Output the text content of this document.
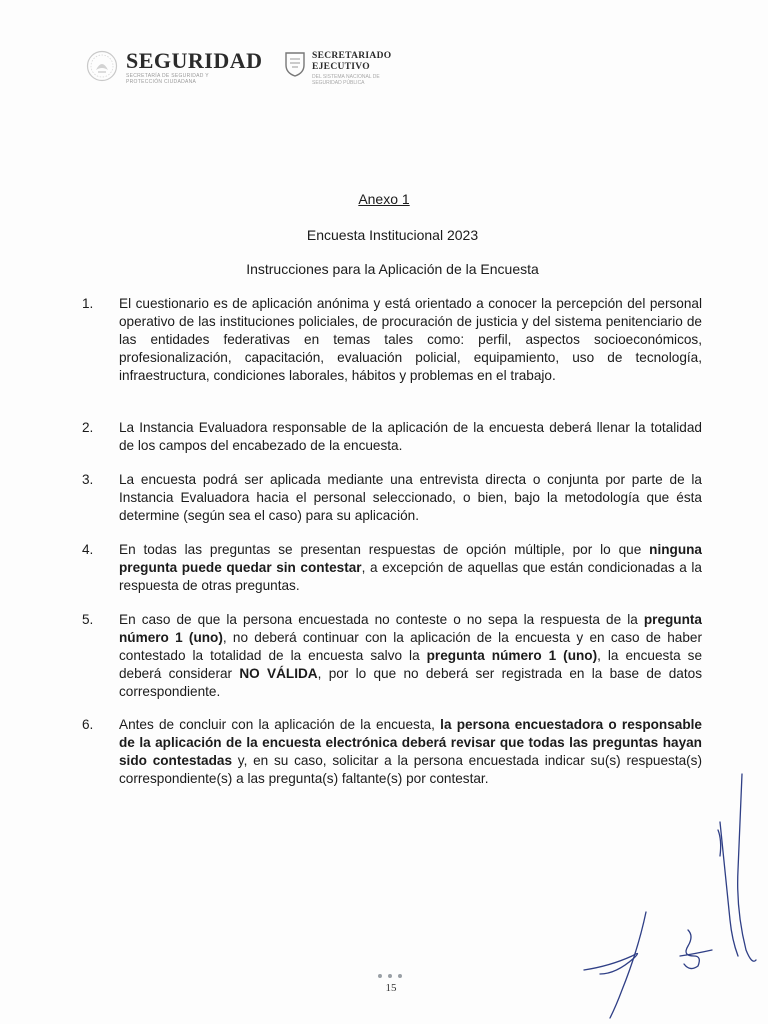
SEGURIDAD
SECRETARÍA DE SEGURIDAD Y PROTECCIÓN CIUDADANA
SECRETARIADO
EJECUTIVO
DEL SISTEMA NACIONAL DE SEGURIDAD PÚBLICA
Anexo 1
Encuesta Institucional 2023
Instrucciones para la Aplicación de la Encuesta
1. El cuestionario es de aplicación anónima y está orientado a conocer la percepción del personal operativo de las instituciones policiales, de procuración de justicia y del sistema penitenciario de las entidades federativas en temas tales como: perfil, aspectos socioeconómicos, profesionalización, capacitación, evaluación policial, equipamiento, uso de tecnología, infraestructura, condiciones laborales, hábitos y problemas en el trabajo.
2. La Instancia Evaluadora responsable de la aplicación de la encuesta deberá llenar la totalidad de los campos del encabezado de la encuesta.
3. La encuesta podrá ser aplicada mediante una entrevista directa o conjunta por parte de la Instancia Evaluadora hacia el personal seleccionado, o bien, bajo la metodología que ésta determine (según sea el caso) para su aplicación.
4. En todas las preguntas se presentan respuestas de opción múltiple, por lo que ninguna pregunta puede quedar sin contestar, a excepción de aquellas que están condicionadas a la respuesta de otras preguntas.
5. En caso de que la persona encuestada no conteste o no sepa la respuesta de la pregunta número 1 (uno), no deberá continuar con la aplicación de la encuesta y en caso de haber contestado la totalidad de la encuesta salvo la pregunta número 1 (uno), la encuesta se deberá considerar NO VÁLIDA, por lo que no deberá ser registrada en la base de datos correspondiente.
6. Antes de concluir con la aplicación de la encuesta, la persona encuestadora o responsable de la aplicación de la encuesta electrónica deberá revisar que todas las preguntas hayan sido contestadas y, en su caso, solicitar a la persona encuestada indicar su(s) respuesta(s) correspondiente(s) a las pregunta(s) faltante(s) por contestar.
15
